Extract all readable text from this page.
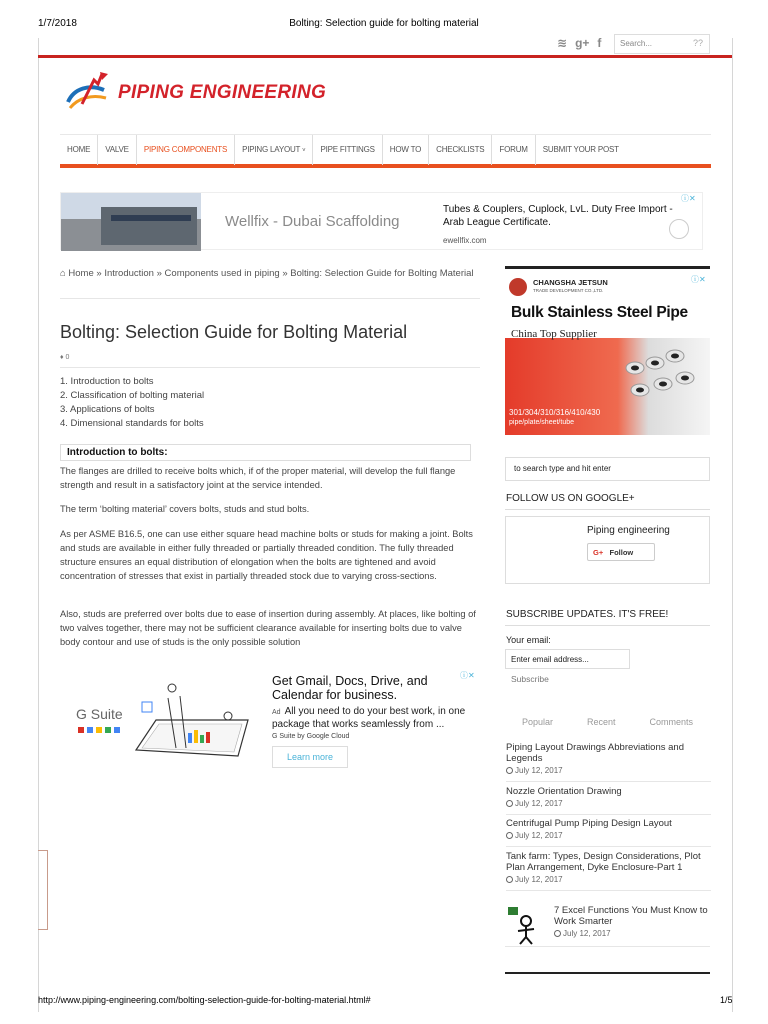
1/7/2018	Bolting: Selection guide for bolting material
≋ g+ f	Search...	??
PIPING ENGINEERING
HOME	VALVE	PIPING COMPONENTS	PIPING LAYOUT ˅	PIPE FITTINGS	HOW TO	CHECKLISTS	FORUM	SUBMIT YOUR POST
Wellfix - Dubai Scaffolding
Tubes & Couplers, Cuplock, LvL. Duty Free Import - Arab League Certificate.
ewellfix.com
ⓘ✕
⌂ Home » Introduction » Components used in piping » Bolting: Selection Guide for Bolting Material
Bolting: Selection Guide for Bolting Material
♦ 0
1. Introduction to bolts
2. Classification of bolting material
3. Applications of bolts
4. Dimensional standards for bolts
Introduction to bolts:
The flanges are drilled to receive bolts which, if of the proper material, will develop the full flange strength and result in a satisfactory joint at the service intended.
The term ‘bolting material’ covers bolts, studs and stud bolts.
As per ASME B16.5, one can use either square head machine bolts or studs for making a joint. Bolts and studs are available in either fully threaded or partially threaded condition. The fully threaded structure ensures an equal distribution of elongation when the bolts are tightened and avoid concentration of stresses that exist in partially threaded stock due to varying cross-sections.
Also, studs are preferred over bolts due to ease of insertion during assembly. At places, like bolting of two valves together, there may not be sufficient clearance available for inserting bolts due to valve body contour and use of studs is the only possible solution
G Suite
Get Gmail, Docs, Drive, and Calendar for business.
Ad All you need to do your best work, in one package that works seamlessly from ...
G Suite by Google Cloud
Learn more
ⓘ✕
CHANGSHA JETSUN
TRADE DEVELOPMENT CO.,LTD.
Bulk Stainless Steel Pipe
China Top Supplier
301/304/310/316/410/430
pipe/plate/sheet/tube
ⓘ✕
to search type and hit enter
FOLLOW US ON GOOGLE+
Piping engineering
G+ Follow
SUBSCRIBE UPDATES. IT'S FREE!
Your email:
Enter email address...
Subscribe
Popular	Recent	Comments
Piping Layout Drawings Abbreviations and Legends
July 12, 2017
Nozzle Orientation Drawing
July 12, 2017
Centrifugal Pump Piping Design Layout
July 12, 2017
Tank farm: Types, Design Considerations, Plot Plan Arrangement, Dyke Enclosure-Part 1
July 12, 2017
7 Excel Functions You Must Know to Work Smarter
July 12, 2017
http://www.piping-engineering.com/bolting-selection-guide-for-bolting-material.html#	1/5
